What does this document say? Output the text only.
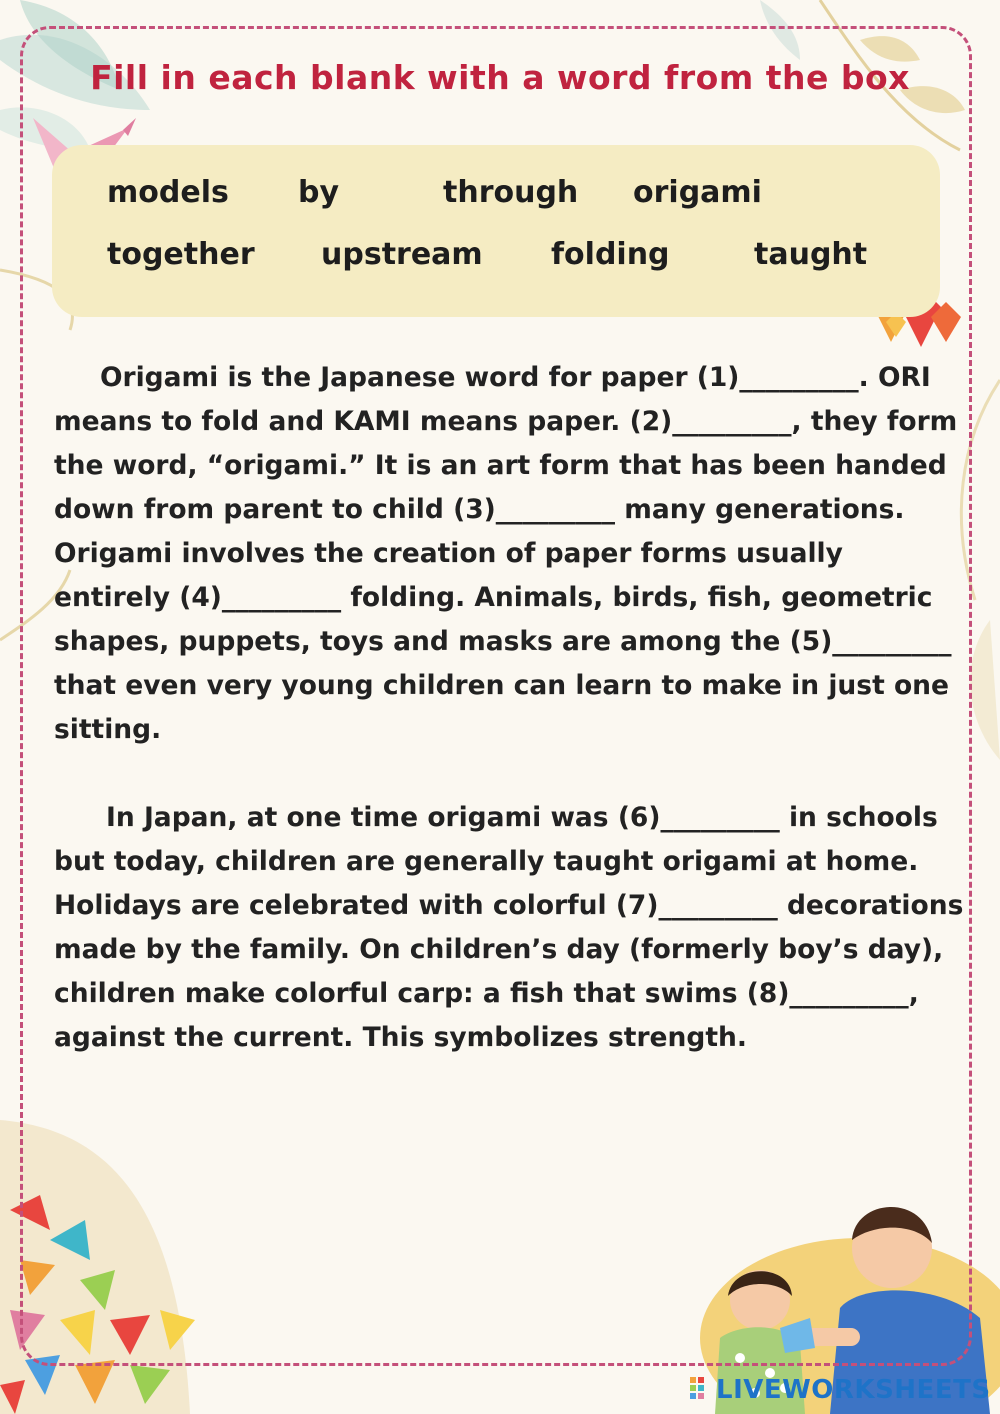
Fill in each blank with a word from the box
models by	through origami
together upstream folding	taught

Origami is the Japanese word for paper (1)_________. ORI means to fold and KAMI means paper. (2)_________, they form the word, “origami.” It is an art form that has been handed down from parent to child (3)_________ many generations. Origami involves the creation of paper forms usually entirely (4)_________ folding. Animals, birds, fish, geometric shapes, puppets, toys and masks are among the (5)_________ that even very young children can learn to make in just one sitting.

In Japan, at one time origami was (6)_________ in schools but today, children are generally taught origami at home. Holidays are celebrated with colorful (7)_________ decorations made by the family. On children’s day (formerly boy’s day), children make colorful carp: a fish that swims (8)_________, against the current. This symbolizes strength.

LIVEWORKSHEETS
